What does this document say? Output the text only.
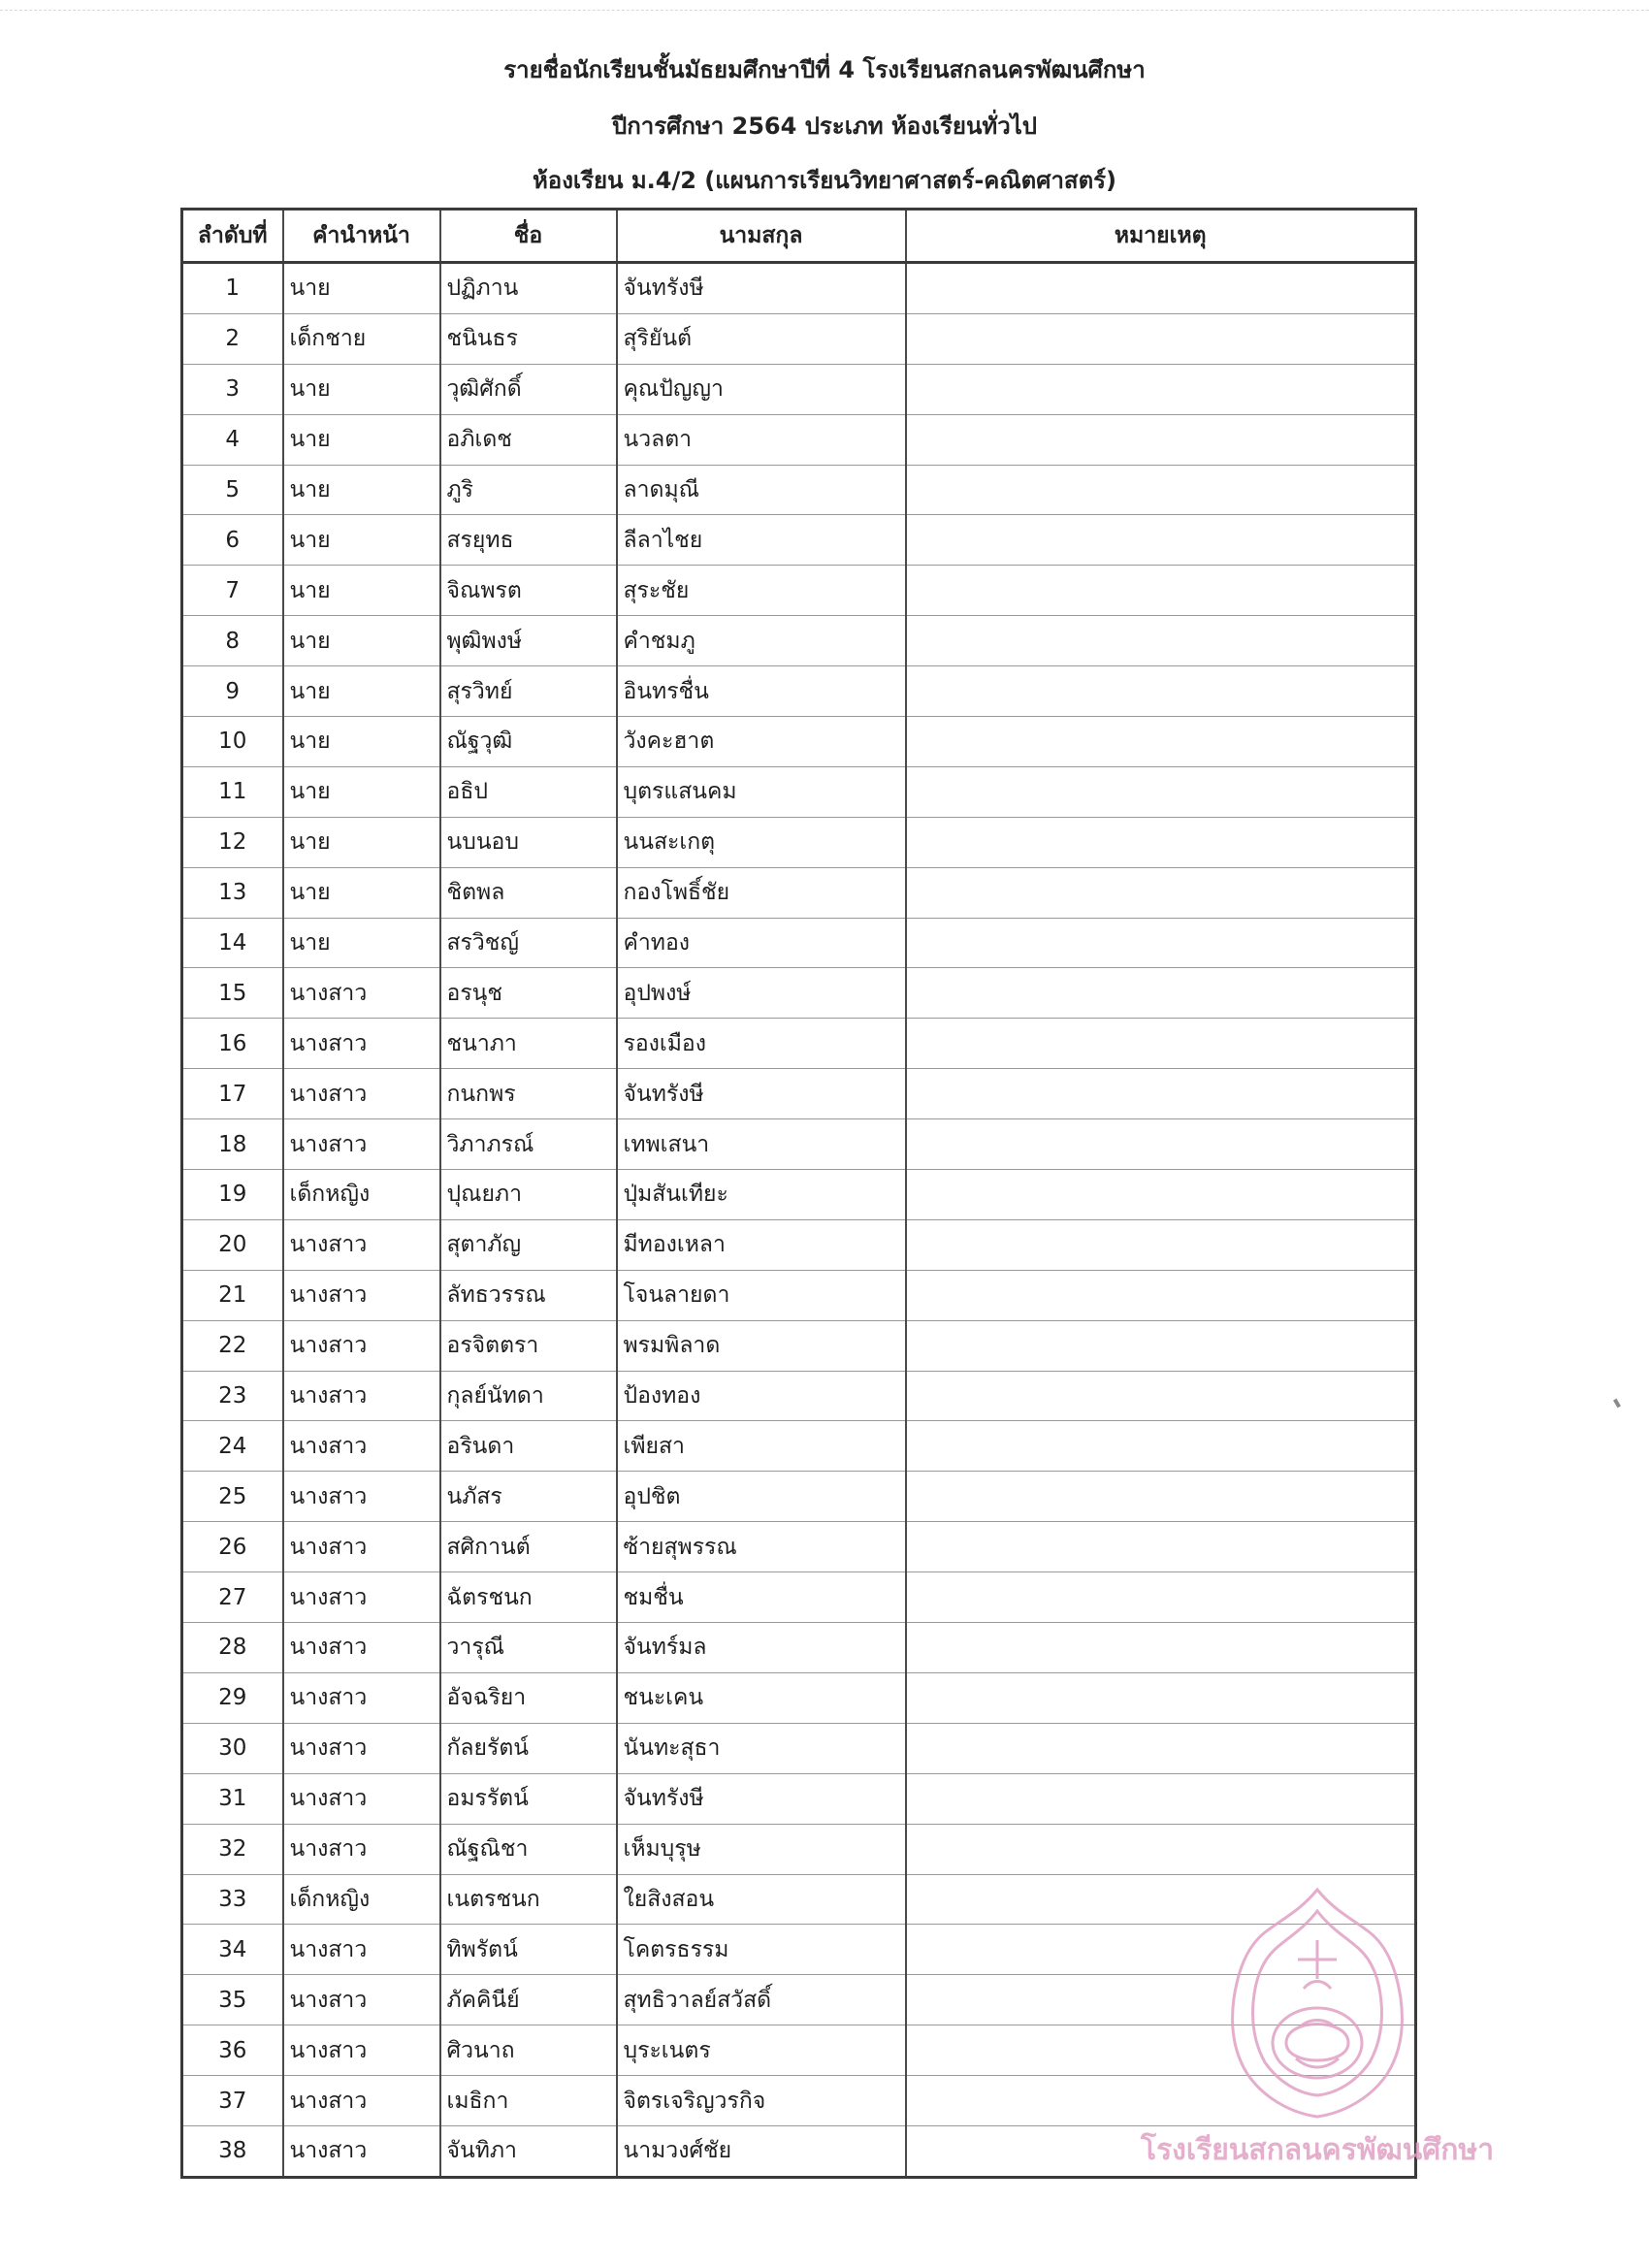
รายชื่อนักเรียนชั้นมัธยมศึกษาปีที่ 4 โรงเรียนสกลนครพัฒนศึกษา
ปีการศึกษา 2564 ประเภท ห้องเรียนทั่วไป
ห้องเรียน ม.4/2 (แผนการเรียนวิทยาศาสตร์-คณิตศาสตร์)
ลำดับที่	คำนำหน้า	ชื่อ	นามสกุล	หมายเหตุ
1	นาย	ปฏิภาน	จันทรังษี	
2	เด็กชาย	ชนินธร	สุริยันต์	
3	นาย	วุฒิศักดิ์	คุณปัญญา	
4	นาย	อภิเดช	นวลตา	
5	นาย	ภูริ	ลาดมุณี	
6	นาย	สรยุทธ	ลีลาไชย	
7	นาย	จิณพรต	สุระชัย	
8	นาย	พุฒิพงษ์	คำชมภู	
9	นาย	สุรวิทย์	อินทรชื่น	
10	นาย	ณัฐวุฒิ	วังคะฮาต	
11	นาย	อธิป	บุตรแสนคม	
12	นาย	นบนอบ	นนสะเกตุ	
13	นาย	ชิตพล	กองโพธิ์ชัย	
14	นาย	สรวิชญ์	คำทอง	
15	นางสาว	อรนุช	อุปพงษ์	
16	นางสาว	ชนาภา	รองเมือง	
17	นางสาว	กนกพร	จันทรังษี	
18	นางสาว	วิภาภรณ์	เทพเสนา	
19	เด็กหญิง	ปุณยภา	ปุ่มสันเทียะ	
20	นางสาว	สุตาภัญ	มีทองเหลา	
21	นางสาว	ลัทธวรรณ	โจนลายดา	
22	นางสาว	อรจิตตรา	พรมพิลาด	
23	นางสาว	กุลย์นัทดา	ป้องทอง	
24	นางสาว	อรินดา	เพียสา	
25	นางสาว	นภัสร	อุปชิต	
26	นางสาว	สศิกานต์	ซ้ายสุพรรณ	
27	นางสาว	ฉัตรชนก	ชมชื่น	
28	นางสาว	วารุณี	จันทร์มล	
29	นางสาว	อัจฉริยา	ชนะเคน	
30	นางสาว	กัลยรัตน์	นันทะสุธา	
31	นางสาว	อมรรัตน์	จันทรังษี	
32	นางสาว	ณัฐณิชา	เห็มบุรุษ	
33	เด็กหญิง	เนตรชนก	ใยสิงสอน	
34	นางสาว	ทิพรัตน์	โคตรธรรม	
35	นางสาว	ภัคคินีย์	สุทธิวาลย์สวัสดิ์	
36	นางสาว	ศิวนาถ	บุระเนตร	
37	นางสาว	เมธิกา	จิตรเจริญวรกิจ	
38	นางสาว	จันทิภา	นามวงศ์ชัย		โรงเรียนสกลนครพัฒนศึกษา
